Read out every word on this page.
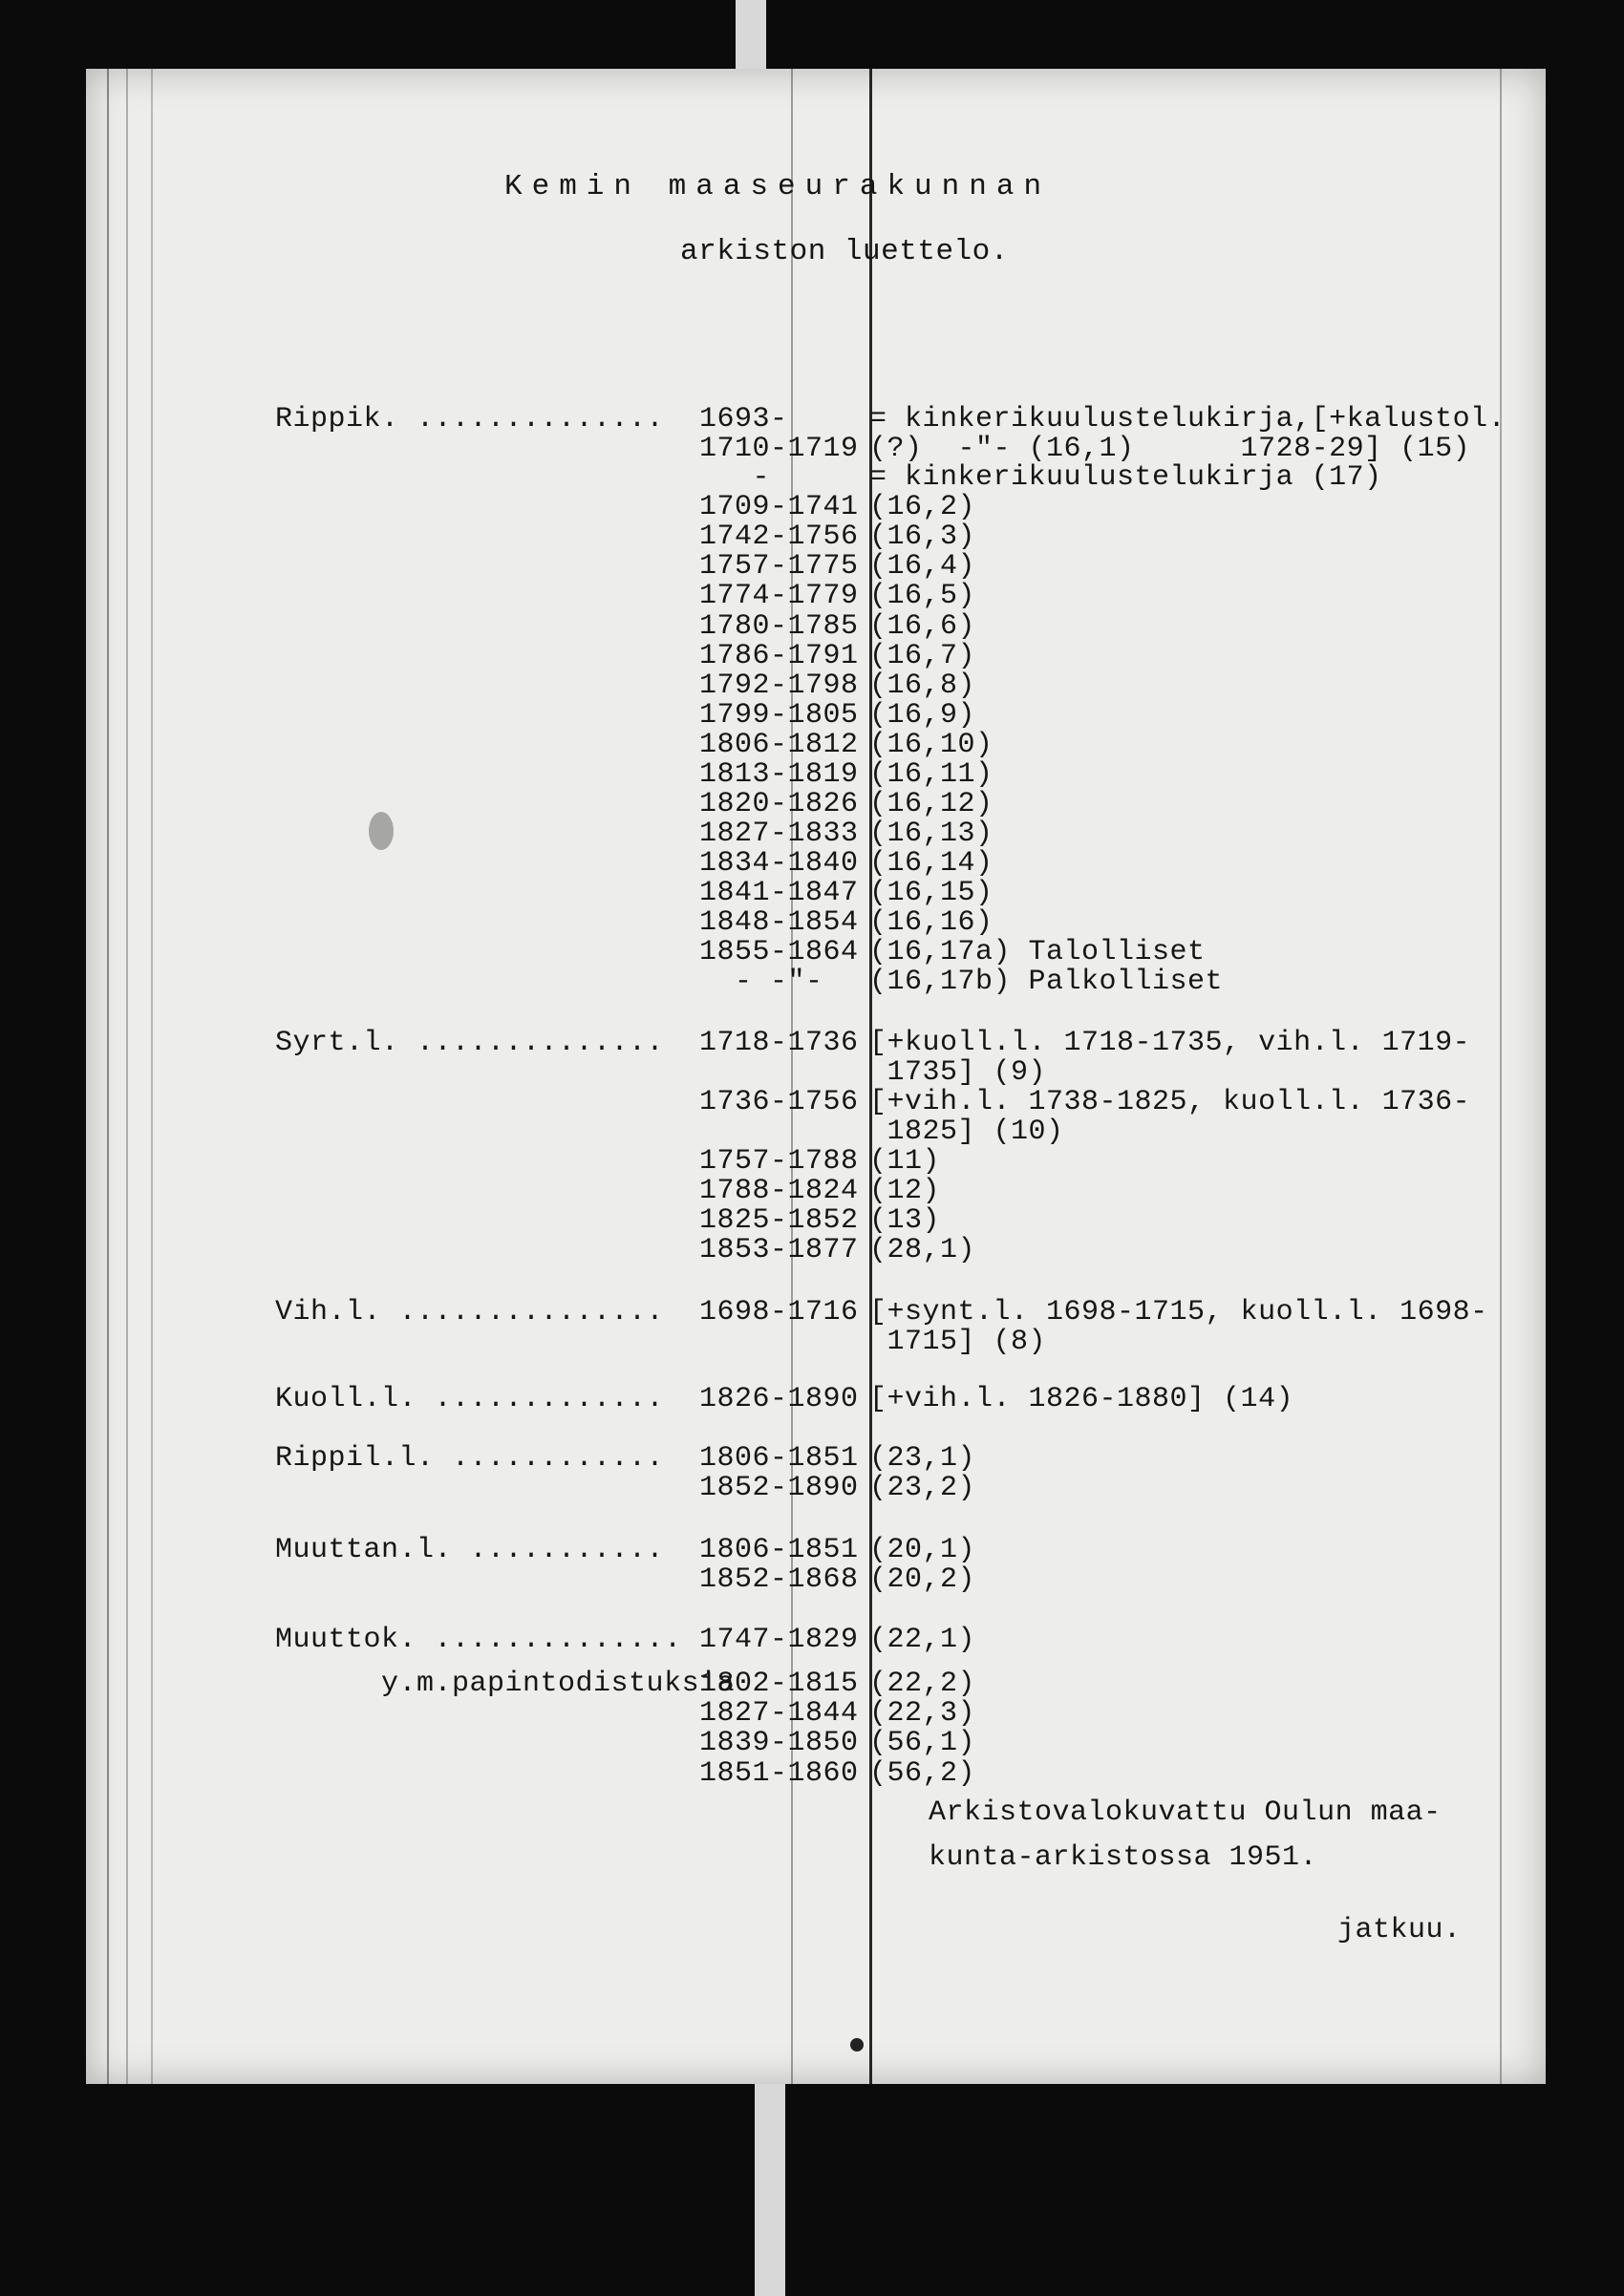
Kemin maaseurakunnan
arkiston luettelo.
Rippik. .............. 1693-	= kinkerikuulustelukirja,[+kalustol.
1710-1719 (?)  -"- (16,1)      1728-29] (15)
-	= kinkerikuulustelukirja (17)
1709-1741 (16,2)
1742-1756 (16,3)
1757-1775 (16,4)
1774-1779 (16,5)
1780-1785 (16,6)
1786-1791 (16,7)
1792-1798 (16,8)
1799-1805 (16,9)
1806-1812 (16,10)
1813-1819 (16,11)
1820-1826 (16,12)
1827-1833 (16,13)
1834-1840 (16,14)
1841-1847 (16,15)
1848-1854 (16,16)
1855-1864 (16,17a) Talolliset
- -"-	(16,17b) Palkolliset
Syrt.l. .............. 1718-1736 [+kuoll.l. 1718-1735, vih.l. 1719-
1735] (9)
1736-1756 [+vih.l. 1738-1825, kuoll.l. 1736-
1825] (10)
1757-1788 (11)
1788-1824 (12)
1825-1852 (13)
1853-1877 (28,1)
Vih.l. ............... 1698-1716 [+synt.l. 1698-1715, kuoll.l. 1698-
1715] (8)
Kuoll.l. ............. 1826-1890 [+vih.l. 1826-1880] (14)
Rippil.l. ............ 1806-1851 (23,1)
1852-1890 (23,2)
Muuttan.l. ........... 1806-1851 (20,1)
1852-1868 (20,2)
Muuttok. .............. 1747-1829 (22,1)
y.m.papintodistuksia
1802-1815 (22,2)
1827-1844 (22,3)
1839-1850 (56,1)
1851-1860 (56,2)
Arkistovalokuvattu Oulun maa-
kunta-arkistossa 1951.
jatkuu.
